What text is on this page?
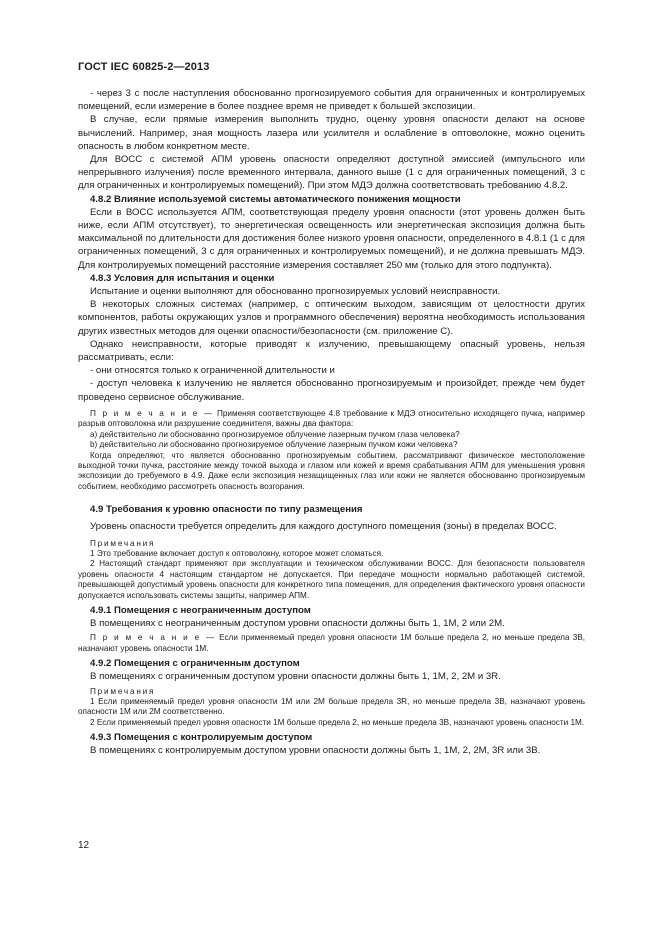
ГОСТ IEC 60825-2—2013

- через 3 с после наступления обоснованно прогнозируемого события для ограниченных и контролируемых помещений, если измерение в более позднее время не приведет к большей экспозиции.

В случае, если прямые измерения выполнить трудно, оценку уровня опасности делают на основе вычислений. Например, зная мощность лазера или усилителя и ослабление в оптоволокне, можно оценить опасность в любом конкретном месте.

Для ВОСС с системой АПМ уровень опасности определяют доступной эмиссией (импульсного или непрерывного излучения) после временного интервала, данного выше (1 с для ограниченных помещений, 3 с для ограниченных и контролируемых помещений). При этом МДЭ должна соответствовать требованию 4.8.2.

4.8.2 Влияние используемой системы автоматического понижения мощности

Если в ВОСС используется АПМ, соответствующая пределу уровня опасности (этот уровень должен быть ниже, если АПМ отсутствует), то энергетическая освещенность или энергетическая экспозиция должна быть максимальной по длительности для достижения более низкого уровня опасности, определенного в 4.8.1 (1 с для ограниченных помещений, 3 с для ограниченных и контролируемых помещений), и не должна превышать МДЭ. Для контролируемых помещений расстояние измерения составляет 250 мм (только для этого подпункта).

4.8.3 Условия для испытания и оценки

Испытание и оценки выполняют для обоснованно прогнозируемых условий неисправности.

В некоторых сложных системах (например, с оптическим выходом, зависящим от целостности других компонентов, работы окружающих узлов и программного обеспечения) вероятна необходимость использования других известных методов для оценки опасности/безопасности (см. приложение С).

Однако неисправности, которые приводят к излучению, превышающему опасный уровень, нельзя рассматривать, если:

- они относятся только к ограниченной длительности и

- доступ человека к излучению не является обоснованно прогнозируемым и произойдет, прежде чем будет проведено сервисное обслуживание.

П р и м е ч а н и е — Применяя соответствующее 4.8 требование к МДЭ относительно исходящего пучка, например разрыв оптоволокна или разрушение соединителя, важны два фактора:

а) действительно ли обоснованно прогнозируемое облучение лазерным пучком глаза человека?

b) действительно ли обоснованно прогнозируемое облучение лазерным пучком кожи человека?

Когда определяют, что является обоснованно прогнозируемым событием, рассматривают физическое местоположение выходной точки пучка, расстояние между точкой выхода и глазом или кожей и время срабатывания АПМ для уменьшения уровня экспозиции до требуемого в 4.9. Даже если экспозиция незащищенных глаз или кожи не является обоснованно прогнозируемым событием, необходимо рассмотреть опасность возгорания.

4.9 Требования к уровню опасности по типу размещения

Уровень опасности требуется определить для каждого доступного помещения (зоны) в пределах ВОСС.

Примечания

1 Это требование включает доступ к оптоволокну, которое может сломаться.

2 Настоящий стандарт применяют при эксплуатации и техническом обслуживании ВОСС. Для безопасности пользователя уровень опасности 4 настоящим стандартом не допускается. При передаче мощности нормально работающей системой, превышающей допустимый уровень опасности для конкретного типа помещения, для определения фактического уровня опасности допускается использовать системы защиты, например АПМ.

4.9.1 Помещения с неограниченным доступом

В помещениях с неограниченным доступом уровни опасности должны быть 1, 1М, 2 или 2М.

П р и м е ч а н и е — Если применяемый предел уровня опасности 1М больше предела 2, но меньше предела 3В, назначают уровень опасности 1М.

4.9.2 Помещения с ограниченным доступом

В помещениях с ограниченным доступом уровни опасности должны быть 1, 1М, 2, 2М и 3R.

Примечания

1 Если применяемый предел уровня опасности 1М или 2М больше предела 3R, но меньше предела 3В, назначают уровень опасности 1М или 2М соответственно.

2 Если применяемый предел уровня опасности 1М больше предела 2, но меньше предела 3В, назначают уровень опасности 1М.

4.9.3 Помещения с контролируемым доступом

В помещениях с контролируемым доступом уровни опасности должны быть 1, 1М, 2, 2М, 3R или 3В.

12
